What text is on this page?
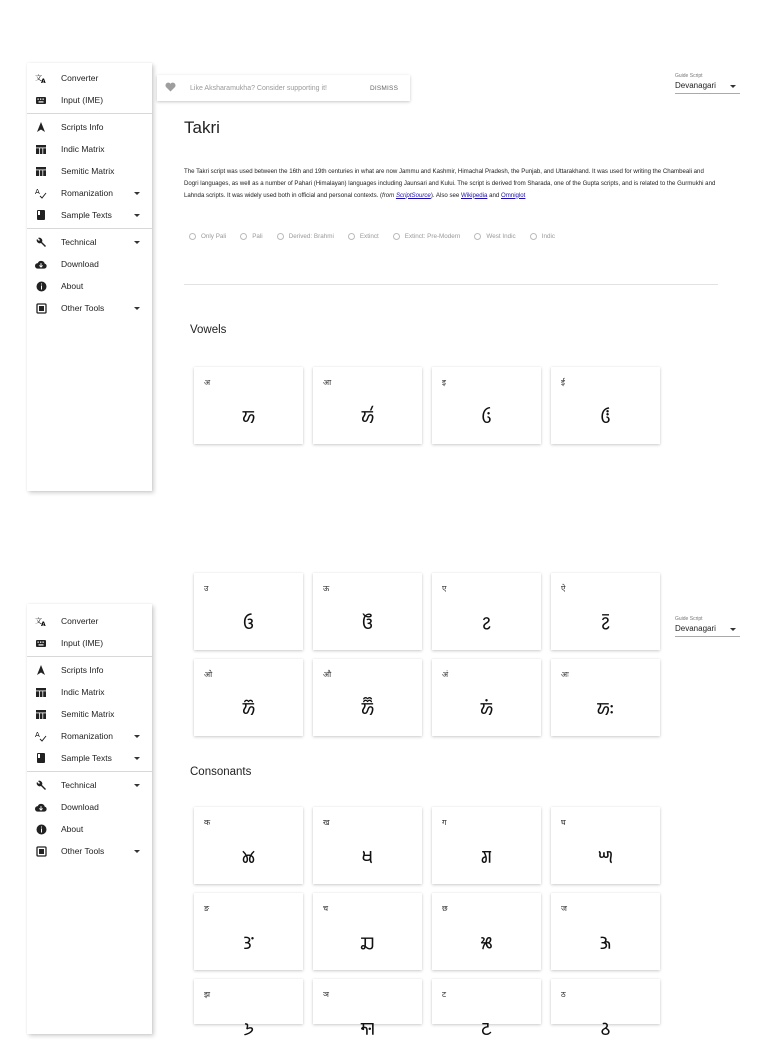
文 A Converter
Input (IME)
Scripts Info
Indic Matrix
Semitic Matrix
A Romanization
Sample Texts
Technical
Download
About
Other Tools
文 A Converter
Input (IME)
Scripts Info
Indic Matrix
Semitic Matrix
A Romanization
Sample Texts
Technical
Download
About
Other Tools
Like Aksharamukha? Consider supporting it!	DISMISS
Guide Script
Devanagari
Guide Script
Devanagari
Takri
The Takri script was used between the 16th and 19th centuries in what are now Jammu and Kashmir, Himachal Pradesh, the Punjab, and Uttarakhand. It was used for writing the Chambeali and Dogri languages, as well as a number of Pahari (Himalayan) languages including Jaunsari and Kului. The script is derived from Sharada, one of the Gupta scripts, and is related to the Gurmukhi and Lahnda scripts. It was widely used both in official and personal contexts. (from ScriptSource). Also see Wikipedia and Omniglot
Only Pali	Pali	Derived: Brahmi	Extinct	Extinct: Pre-Modern	West Indic	Indic
Vowels
Consonants
अ
𑚀
आ
𑚁
इ
𑚂
ई
𑚃
उ
𑚄
ऊ
𑚅
ए
𑚆
ऐ
𑚇
ओ
𑚈
औ
𑚉
अं
𑚀𑚫
अः
𑚀𑚬
क
𑚊
ख
𑚋
ग
𑚌
घ
𑚍
ङ
𑚎
च
𑚏
छ
𑚐
ज
𑚑
झ
𑚒
ञ
𑚓
ट
𑚔
ठ
𑚕
